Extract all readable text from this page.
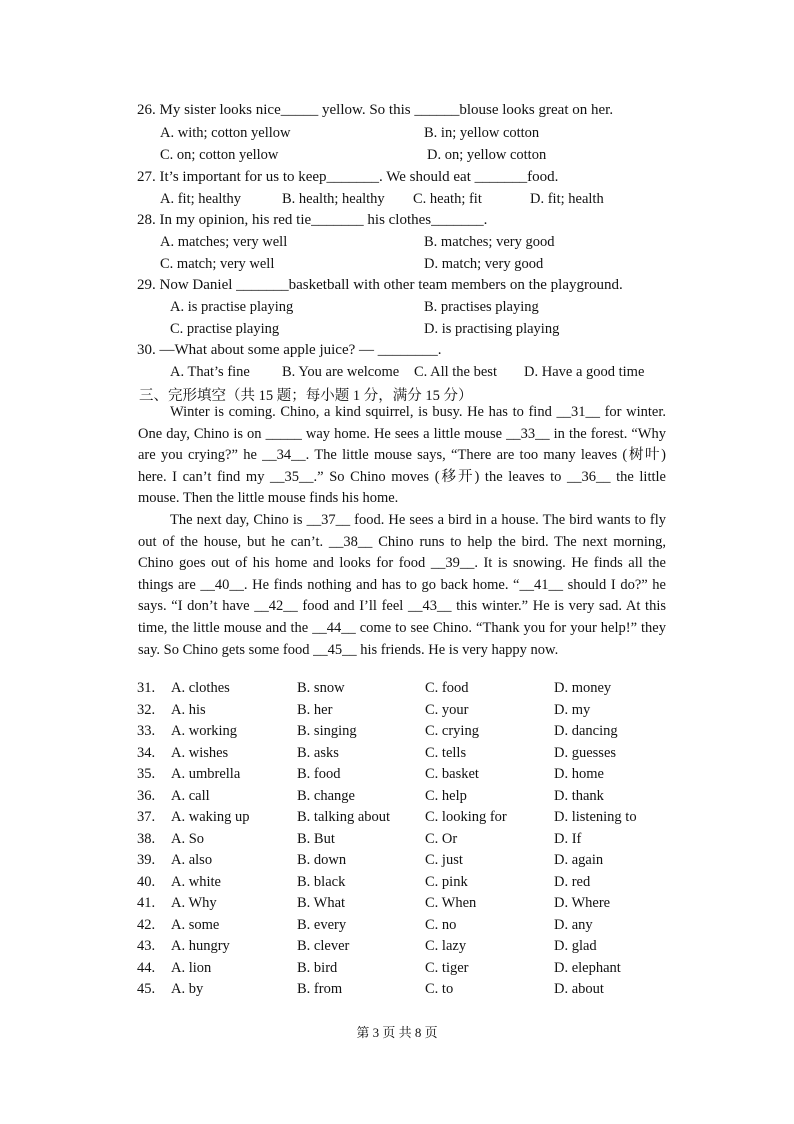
26. My sister looks nice_____ yellow. So this ______blouse looks great on her.
A. with; cotton yellow	B. in; yellow cotton
C. on; cotton yellow	D. on; yellow cotton
27. It’s important for us to keep_______. We should eat _______food.
A. fit; healthy	B. health; healthy C. heath; fit	D. fit; health
28. In my opinion, his red tie_______ his clothes_______.
A. matches; very well	B. matches; very good
C. match; very well	D. match; very good
29. Now Daniel _______basketball with other team members on the playground.
A. is practise playing	B. practises playing
C. practise playing	D. is practising playing
30. —What about some apple juice? — ________.
A. That’s fine B. You are welcome C. All the best D. Have a good time
三、完形填空（共 15 题；每小题 1 分，满分 15 分）

Winter is coming. Chino, a kind squirrel, is busy. He has to find __31__ for winter. One day, Chino is on _____ way home. He sees a little mouse __33__ in the forest. “Why are you crying?” he __34__. The little mouse says, “There are too many leaves (树叶) here. I can’t find my __35__.” So Chino moves (移开) the leaves to __36__ the little mouse. Then the little mouse finds his home.

The next day, Chino is __37__ food. He sees a bird in a house. The bird wants to fly out of the house, but he can’t. __38__ Chino runs to help the bird. The next morning, Chino goes out of his home and looks for food __39__. It is snowing. He finds all the things are __40__. He finds nothing and has to go back home. “__41__ should I do?” he says. “I don’t have __42__ food and I’ll feel __43__ this winter.” He is very sad. At this time, the little mouse and the __44__ come to see Chino. “Thank you for your help!” they say. So Chino gets some food __45__ his friends. He is very happy now.

31. A. clothes	B. snow	C. food	D. money
32. A. his	B. her	C. your	D. my
33. A. working	B. singing	C. crying	D. dancing
34. A. wishes	B. asks	C. tells	D. guesses
35. A. umbrella	B. food	C. basket	D. home
36. A. call	B. change	C. help	D. thank
37. A. waking up	B. talking about C. looking for	D. listening to
38. A. So	B. But	C. Or	D. If
39. A. also	B. down	C. just	D. again
40. A. white	B. black	C. pink	D. red
41. A. Why	B. What	C. When	D. Where
42. A. some	B. every	C. no	D. any
43. A. hungry	B. clever	C. lazy	D. glad
44. A. lion	B. bird	C. tiger	D. elephant
45. A. by	B. from	C. to	D. about
第 3 页 共 8 页
